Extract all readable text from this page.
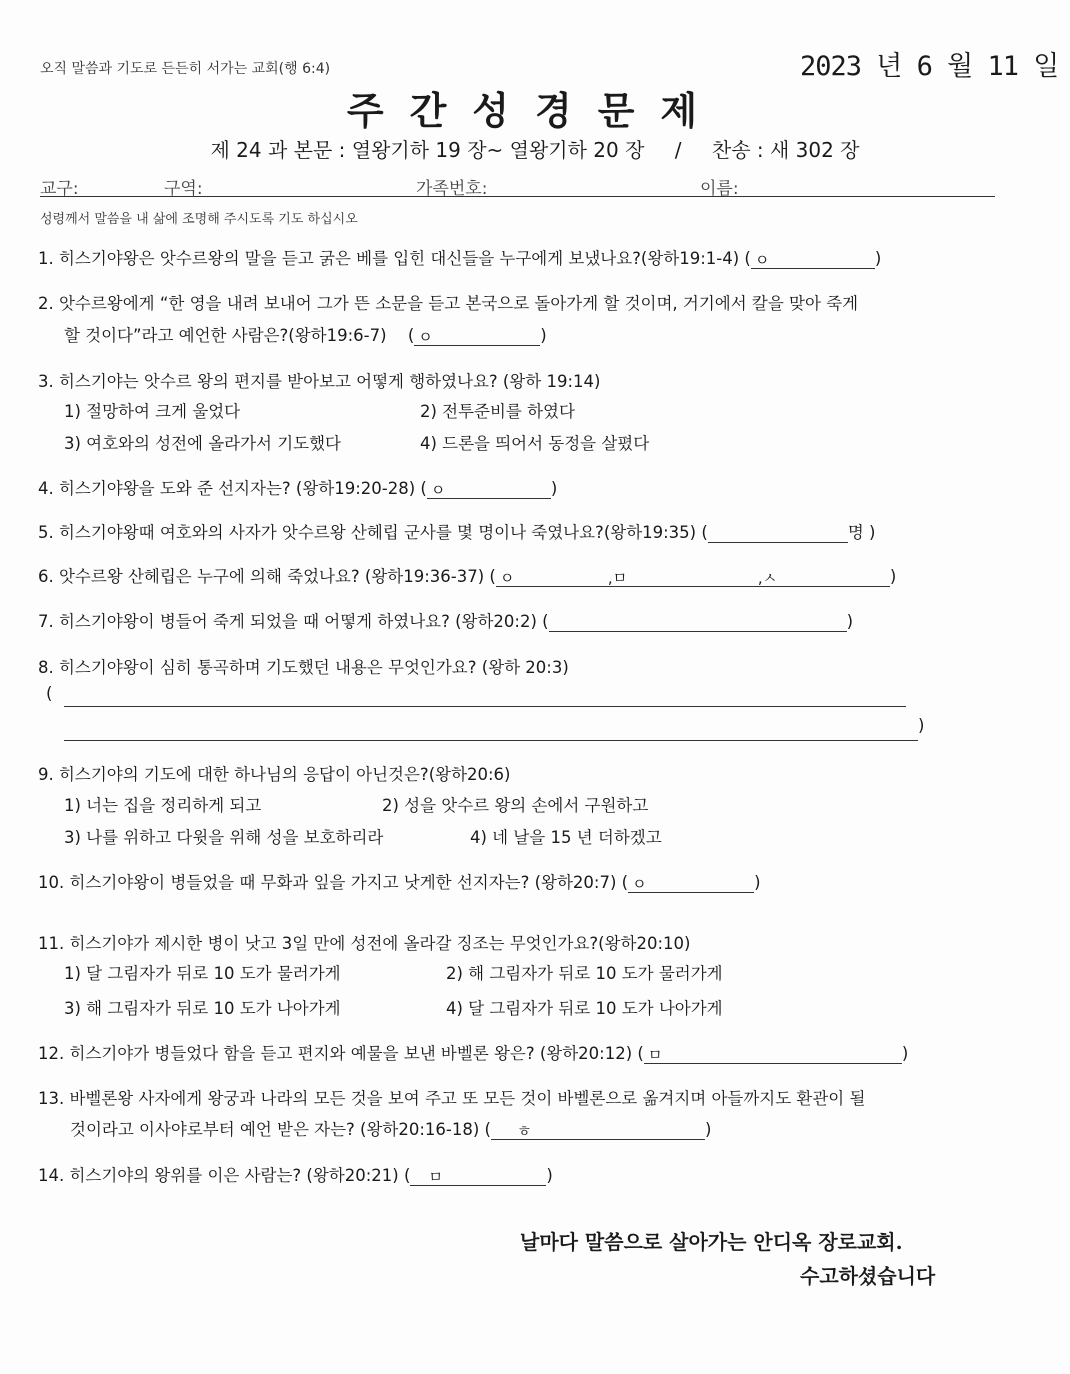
오직 말씀과 기도로 든든히 서가는 교회(행 6:4)	2023 년 6 월 11 일
주간성경문제
제 24 과 본문 : 열왕기하 19 장~ 열왕기하 20 장 / 찬송 : 새 302 장
교구:	구역:	가족번호:	이름:
성령께서 말씀을 내 삶에 조명해 주시도록 기도 하십시오
1. 히스기야왕은 앗수르왕의 말을 듣고 굵은 베를 입힌 대신들을 누구에게 보냈나요?(왕하19:1-4) ( ㅇ	)
2. 앗수르왕에게 “한 영을 내려 보내어 그가 뜬 소문을 듣고 본국으로 돌아가게 할 것이며, 거기에서 칼을 맞아 죽게
할 것이다”라고 예언한 사람은?(왕하19:6-7) ( ㅇ	)
3. 히스기야는 앗수르 왕의 편지를 받아보고 어떻게 행하였나요? (왕하 19:14)
1) 절망하여 크게 울었다	2) 전투준비를 하였다
3) 여호와의 성전에 올라가서 기도했다	4) 드론을 띄어서 동정을 살폈다
4. 히스기야왕을 도와 준 선지자는? (왕하19:20-28) ( ㅇ	)
5. 히스기야왕때 여호와의 사자가 앗수르왕 산헤립 군사를 몇 명이나 죽였나요?(왕하19:35) (	명 )
6. 앗수르왕 산헤립은 누구에 의해 죽었나요? (왕하19:36-37) ( ㅇ	,ㅁ	,ㅅ	)
7. 히스기야왕이 병들어 죽게 되었을 때 어떻게 하였나요? (왕하20:2) (	)
8. 히스기야왕이 심히 통곡하며 기도했던 내용은 무엇인가요? (왕하 20:3)
(
)
9. 히스기야의 기도에 대한 하나님의 응답이 아닌것은?(왕하20:6)
1) 너는 집을 정리하게 되고	2) 성을 앗수르 왕의 손에서 구원하고
3) 나를 위하고 다윗을 위해 성을 보호하리라	4) 네 날을 15 년 더하겠고
10. 히스기야왕이 병들었을 때 무화과 잎을 가지고 낫게한 선지자는? (왕하20:7) ( ㅇ	)
11. 히스기야가 제시한 병이 낫고 3일 만에 성전에 올라갈 징조는 무엇인가요?(왕하20:10)
1) 달 그림자가 뒤로 10 도가 물러가게	2) 해 그림자가 뒤로 10 도가 물러가게
3) 해 그림자가 뒤로 10 도가 나아가게	4) 달 그림자가 뒤로 10 도가 나아가게
12. 히스기야가 병들었다 함을 듣고 편지와 예물을 보낸 바벨론 왕은? (왕하20:12) ( ㅁ	)
13. 바벨론왕 사자에게 왕궁과 나라의 모든 것을 보여 주고 또 모든 것이 바벨론으로 옮겨지며 아들까지도 환관이 될
것이라고 이사야로부터 예언 받은 자는? (왕하20:16-18) ( ㅎ	)
14. 히스기야의 왕위를 이은 사람는? (왕하20:21) ( ㅁ	)
날마다 말씀으로 살아가는 안디옥 장로교회.
수고하셨습니다
